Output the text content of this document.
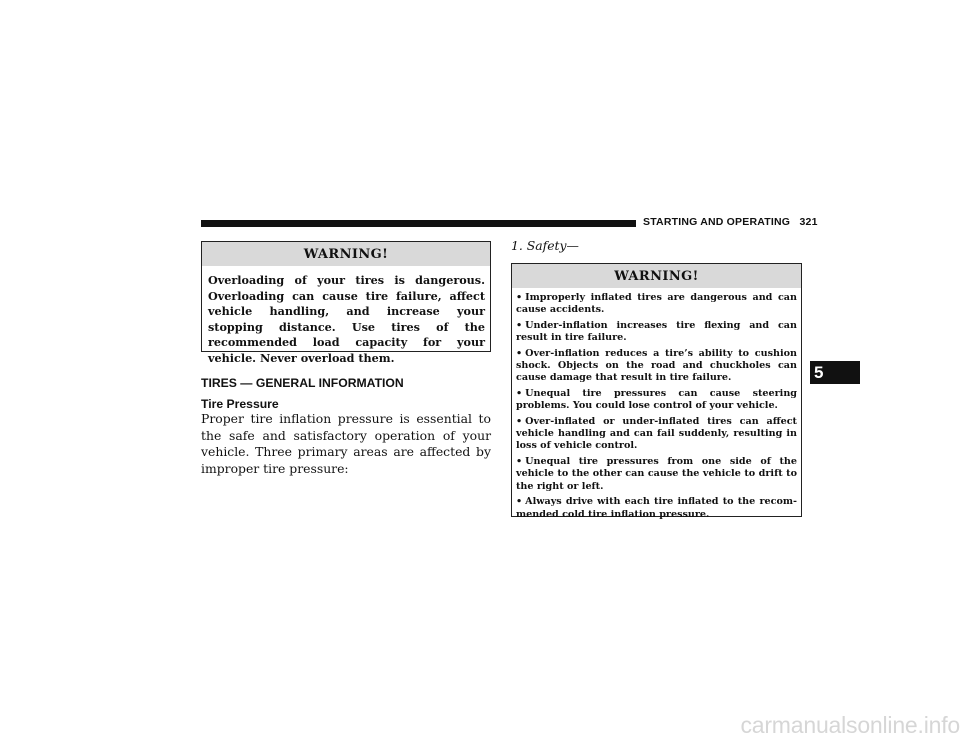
STARTING AND OPERATING 321
WARNING!
Overloading of your tires is dangerous. Overloading can cause tire failure, affect vehicle handling, and increase your stopping distance. Use tires of the recommended load capacity for your vehicle. Never overload them.
TIRES — GENERAL INFORMATION
Tire Pressure
Proper tire inflation pressure is essential to the safe and satisfactory operation of your vehicle. Three primary areas are affected by improper tire pressure:
1. Safety—
WARNING!
• Improperly inflated tires are dangerous and can cause accidents.
• Under-inflation increases tire flexing and can result in tire failure.
• Over-inflation reduces a tire’s ability to cushion shock. Objects on the road and chuckholes can cause damage that result in tire failure.
• Unequal tire pressures can cause steering problems. You could lose control of your vehicle.
• Over-inflated or under-inflated tires can affect vehicle handling and can fail suddenly, resulting in loss of vehicle control.
• Unequal tire pressures from one side of the vehicle to the other can cause the vehicle to drift to the right or left.
• Always drive with each tire inflated to the recom-mended cold tire inflation pressure.
5
carmanualsonline.info
